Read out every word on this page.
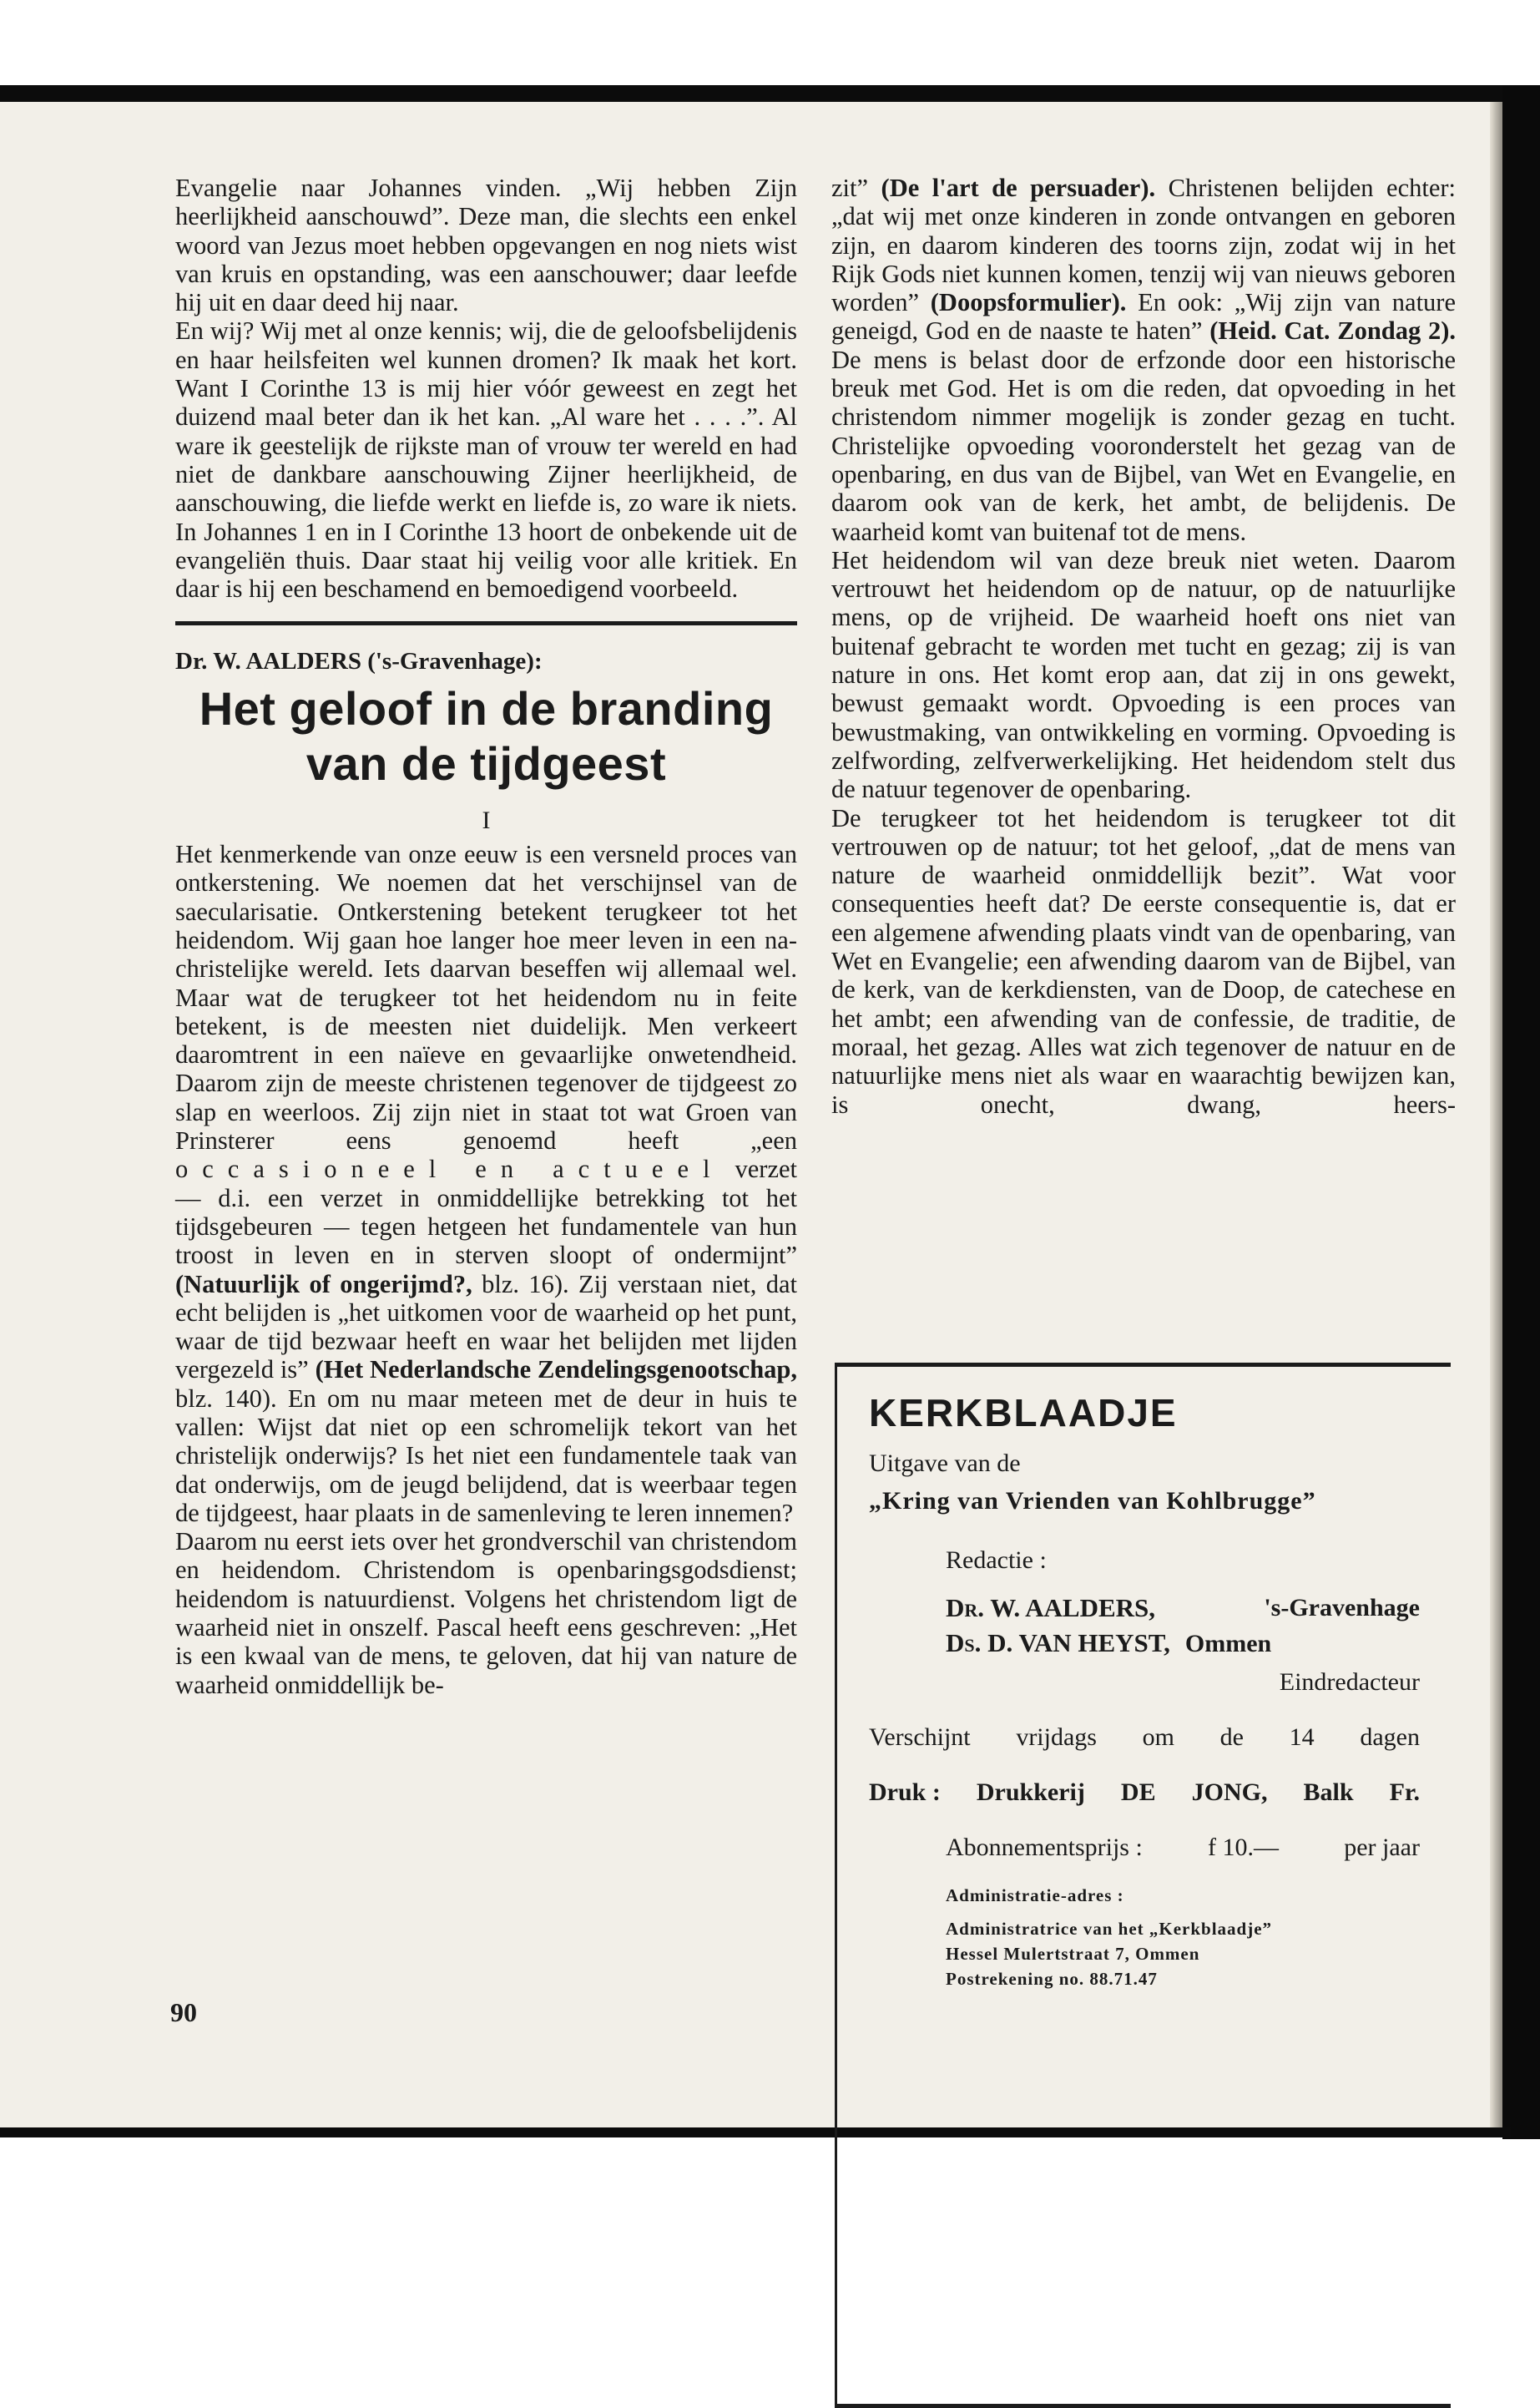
Evangelie naar Johannes vinden. „Wij hebben Zijn heerlijkheid aanschouwd”. Deze man, die slechts een enkel woord van Jezus moet hebben opgevangen en nog niets wist van kruis en opstanding, was een aanschouwer; daar leefde hij uit en daar deed hij naar.

En wij? Wij met al onze kennis; wij, die de geloofsbelijdenis en haar heilsfeiten wel kunnen dromen? Ik maak het kort. Want I Corinthe 13 is mij hier vóór geweest en zegt het duizend maal beter dan ik het kan. „Al ware het . . . .”. Al ware ik geestelijk de rijkste man of vrouw ter wereld en had niet de dankbare aanschouwing Zijner heerlijkheid, de aanschouwing, die liefde werkt en liefde is, zo ware ik niets. In Johannes 1 en in I Corinthe 13 hoort de onbekende uit de evangeliën thuis. Daar staat hij veilig voor alle kritiek. En daar is hij een beschamend en bemoedigend voorbeeld.

Dr. W. AALDERS ('s-Gravenhage):
Het geloof in de branding van de tijdgeest
I

Het kenmerkende van onze eeuw is een versneld proces van ontkerstening. We noemen dat het verschijnsel van de saecularisatie. Ontkerstening betekent terugkeer tot het heidendom. Wij gaan hoe langer hoe meer leven in een na-christelijke wereld. Iets daarvan beseffen wij allemaal wel. Maar wat de terugkeer tot het heidendom nu in feite betekent, is de meesten niet duidelijk. Men verkeert daaromtrent in een naïeve en gevaarlijke onwetendheid. Daarom zijn de meeste christenen tegenover de tijdgeest zo slap en weerloos. Zij zijn niet in staat tot wat Groen van Prinsterer eens genoemd heeft „een occasioneel en actueel verzet — d.i. een verzet in onmiddellijke betrekking tot het tijdsgebeuren — tegen hetgeen het fundamentele van hun troost in leven en in sterven sloopt of ondermijnt” (Natuurlijk of ongerijmd?, blz. 16). Zij verstaan niet, dat echt belijden is „het uitkomen voor de waarheid op het punt, waar de tijd bezwaar heeft en waar het belijden met lijden vergezeld is” (Het Nederlandsche Zendelingsgenootschap, blz. 140). En om nu maar meteen met de deur in huis te vallen: Wijst dat niet op een schromelijk tekort van het christelijk onderwijs? Is het niet een fundamentele taak van dat onderwijs, om de jeugd belijdend, dat is weerbaar tegen de tijdgeest, haar plaats in de samenleving te leren innemen?

Daarom nu eerst iets over het grondverschil van christendom en heidendom. Christendom is openbaringsgodsdienst; heidendom is natuurdienst. Volgens het christendom ligt de waarheid niet in onszelf. Pascal heeft eens geschreven: „Het is een kwaal van de mens, te geloven, dat hij van nature de waarheid onmiddellijk be-

90

zit” (De l'art de persuader). Christenen belijden echter: „dat wij met onze kinderen in zonde ontvangen en geboren zijn, en daarom kinderen des toorns zijn, zodat wij in het Rijk Gods niet kunnen komen, tenzij wij van nieuws geboren worden” (Doopsformulier). En ook: „Wij zijn van nature geneigd, God en de naaste te haten” (Heid. Cat. Zondag 2). De mens is belast door de erfzonde door een historische breuk met God. Het is om die reden, dat opvoeding in het christendom nimmer mogelijk is zonder gezag en tucht. Christelijke opvoeding vooronderstelt het gezag van de openbaring, en dus van de Bijbel, van Wet en Evangelie, en daarom ook van de kerk, het ambt, de belijdenis. De waarheid komt van buitenaf tot de mens.

Het heidendom wil van deze breuk niet weten. Daarom vertrouwt het heidendom op de natuur, op de natuurlijke mens, op de vrijheid. De waarheid hoeft ons niet van buitenaf gebracht te worden met tucht en gezag; zij is van nature in ons. Het komt erop aan, dat zij in ons gewekt, bewust gemaakt wordt. Opvoeding is een proces van bewustmaking, van ontwikkeling en vorming. Opvoeding is zelfwording, zelfverwerkelijking. Het heidendom stelt dus de natuur tegenover de openbaring.

De terugkeer tot het heidendom is terugkeer tot dit vertrouwen op de natuur; tot het geloof, „dat de mens van nature de waarheid onmiddellijk bezit”. Wat voor consequenties heeft dat? De eerste consequentie is, dat er een algemene afwending plaats vindt van de openbaring, van Wet en Evangelie; een afwending daarom van de Bijbel, van de kerk, van de kerkdiensten, van de Doop, de catechese en het ambt; een afwending van de confessie, de traditie, de moraal, het gezag. Alles wat zich tegenover de natuur en de natuurlijke mens niet als waar en waarachtig bewijzen kan, is onecht, dwang, heers-

KERKBLAADJE
Uitgave van de
„Kring van Vrienden van Kohlbrugge”
Redactie :
Dr. W. AALDERS,	's-Gravenhage
Ds. D. VAN HEYST, Ommen
Eindredacteur
Verschijnt vrijdags om de 14 dagen
Druk : Drukkerij DE JONG, Balk Fr.
Abonnementsprijs :	f 10.—	per jaar
Administratie-adres :
Administratrice van het „Kerkblaadje”
Hessel Mulertstraat 7, Ommen
Postrekening no. 88.71.47
